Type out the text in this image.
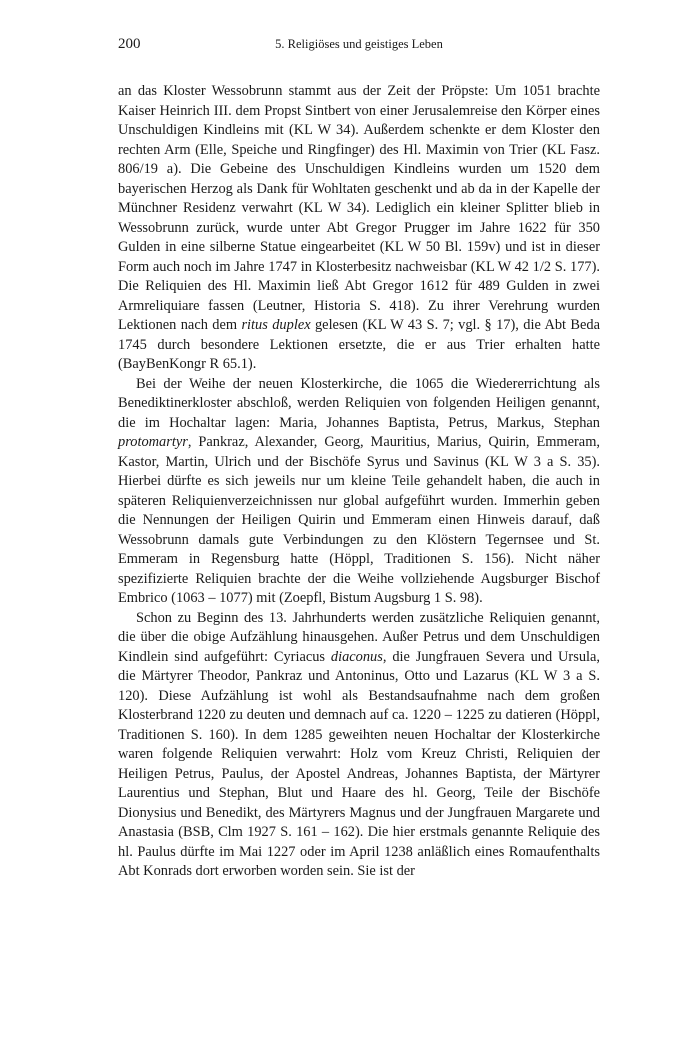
200	5. Religiöses und geistiges Leben

an das Kloster Wessobrunn stammt aus der Zeit der Pröpste: Um 1051 brachte Kaiser Heinrich III. dem Propst Sintbert von einer Jerusalemreise den Körper eines Unschuldigen Kindleins mit (KL W 34). Außerdem schenkte er dem Kloster den rechten Arm (Elle, Speiche und Ringfinger) des Hl. Maximin von Trier (KL Fasz. 806/19 a). Die Gebeine des Unschuldigen Kindleins wurden um 1520 dem bayerischen Herzog als Dank für Wohltaten geschenkt und ab da in der Kapelle der Münchner Residenz verwahrt (KL W 34). Lediglich ein kleiner Splitter blieb in Wessobrunn zurück, wurde unter Abt Gregor Prugger im Jahre 1622 für 350 Gulden in eine silberne Statue eingearbeitet (KL W 50 Bl. 159v) und ist in dieser Form auch noch im Jahre 1747 in Klosterbesitz nachweisbar (KL W 42 1/2 S. 177). Die Reliquien des Hl. Maximin ließ Abt Gregor 1612 für 489 Gulden in zwei Armreliquiare fassen (Leutner, Historia S. 418). Zu ihrer Verehrung wurden Lektionen nach dem ritus duplex gelesen (KL W 43 S. 7; vgl. § 17), die Abt Beda 1745 durch besondere Lektionen ersetzte, die er aus Trier erhalten hatte (BayBenKongr R 65.1).

Bei der Weihe der neuen Klosterkirche, die 1065 die Wiedererrichtung als Benediktinerkloster abschloß, werden Reliquien von folgenden Heiligen genannt, die im Hochaltar lagen: Maria, Johannes Baptista, Petrus, Markus, Stephan protomartyr, Pankraz, Alexander, Georg, Mauritius, Marius, Quirin, Emmeram, Kastor, Martin, Ulrich und der Bischöfe Syrus und Savinus (KL W 3 a S. 35). Hierbei dürfte es sich jeweils nur um kleine Teile gehandelt haben, die auch in späteren Reliquienverzeichnissen nur global aufgeführt wurden. Immerhin geben die Nennungen der Heiligen Quirin und Emmeram einen Hinweis darauf, daß Wessobrunn damals gute Verbindungen zu den Klöstern Tegernsee und St. Emmeram in Regensburg hatte (Höppl, Traditionen S. 156). Nicht näher spezifizierte Reliquien brachte der die Weihe vollziehende Augsburger Bischof Embrico (1063 – 1077) mit (Zoepfl, Bistum Augsburg 1 S. 98).

Schon zu Beginn des 13. Jahrhunderts werden zusätzliche Reliquien genannt, die über die obige Aufzählung hinausgehen. Außer Petrus und dem Unschuldigen Kindlein sind aufgeführt: Cyriacus diaconus, die Jungfrauen Severa und Ursula, die Märtyrer Theodor, Pankraz und Antoninus, Otto und Lazarus (KL W 3 a S. 120). Diese Aufzählung ist wohl als Bestandsaufnahme nach dem großen Klosterbrand 1220 zu deuten und demnach auf ca. 1220 – 1225 zu datieren (Höppl, Traditionen S. 160). In dem 1285 geweihten neuen Hochaltar der Klosterkirche waren folgende Reliquien verwahrt: Holz vom Kreuz Christi, Reliquien der Heiligen Petrus, Paulus, der Apostel Andreas, Johannes Baptista, der Märtyrer Laurentius und Stephan, Blut und Haare des hl. Georg, Teile der Bischöfe Dionysius und Benedikt, des Märtyrers Magnus und der Jungfrauen Margarete und Anastasia (BSB, Clm 1927 S. 161 – 162). Die hier erstmals genannte Reliquie des hl. Paulus dürfte im Mai 1227 oder im April 1238 anläßlich eines Romaufenthalts Abt Konrads dort erworben worden sein. Sie ist der
